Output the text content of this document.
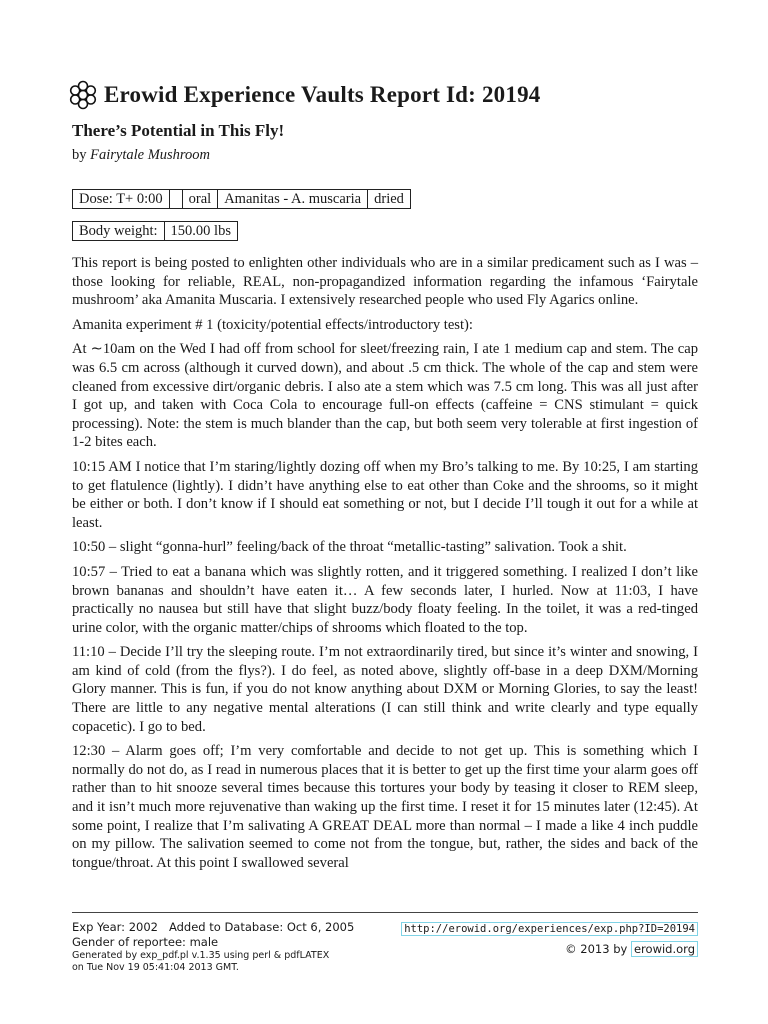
Erowid Experience Vaults Report Id: 20194
There’s Potential in This Fly!
by Fairytale Mushroom
Dose: T+ 0:00		oral	Amanitas - A. muscaria	dried
Body weight:	150.00 lbs

This report is being posted to enlighten other individuals who are in a similar predicament such as I was – those looking for reliable, REAL, non-propagandized information regarding the infamous ‘Fairytale mushroom’ aka Amanita Muscaria. I extensively researched people who used Fly Agarics online.

Amanita experiment # 1 (toxicity/potential effects/introductory test):

At ∼10am on the Wed I had off from school for sleet/freezing rain, I ate 1 medium cap and stem. The cap was 6.5 cm across (although it curved down), and about .5 cm thick. The whole of the cap and stem were cleaned from excessive dirt/organic debris. I also ate a stem which was 7.5 cm long. This was all just after I got up, and taken with Coca Cola to encourage full-on effects (caffeine = CNS stimulant = quick processing). Note: the stem is much blander than the cap, but both seem very tolerable at first ingestion of 1-2 bites each.

10:15 AM I notice that I’m staring/lightly dozing off when my Bro’s talking to me. By 10:25, I am starting to get flatulence (lightly). I didn’t have anything else to eat other than Coke and the shrooms, so it might be either or both. I don’t know if I should eat something or not, but I decide I’ll tough it out for a while at least.

10:50 – slight “gonna-hurl” feeling/back of the throat “metallic-tasting” salivation. Took a shit.

10:57 – Tried to eat a banana which was slightly rotten, and it triggered something. I realized I don’t like brown bananas and shouldn’t have eaten it… A few seconds later, I hurled. Now at 11:03, I have practically no nausea but still have that slight buzz/body floaty feeling. In the toilet, it was a red-tinged urine color, with the organic matter/chips of shrooms which floated to the top.

11:10 – Decide I’ll try the sleeping route. I’m not extraordinarily tired, but since it’s winter and snowing, I am kind of cold (from the flys?). I do feel, as noted above, slightly off-base in a deep DXM/Morning Glory manner. This is fun, if you do not know anything about DXM or Morning Glories, to say the least! There are little to any negative mental alterations (I can still think and write clearly and type equally copacetic). I go to bed.

12:30 – Alarm goes off; I’m very comfortable and decide to not get up. This is something which I normally do not do, as I read in numerous places that it is better to get up the first time your alarm goes off rather than to hit snooze several times because this tortures your body by teasing it closer to REM sleep, and it isn’t much more rejuvenative than waking up the first time. I reset it for 15 minutes later (12:45). At some point, I realize that I’m salivating A GREAT DEAL more than normal – I made a like 4 inch puddle on my pillow. The salivation seemed to come not from the tongue, but, rather, the sides and back of the tongue/throat. At this point I swallowed several

Exp Year: 2002 Added to Database: Oct 6, 2005
Gender of reportee: male
Generated by exp_pdf.pl v.1.35 using perl & pdfLATEX
on Tue Nov 19 05:41:04 2013 GMT.
http://erowid.org/experiences/exp.php?ID=20194
© 2013 by erowid.org
